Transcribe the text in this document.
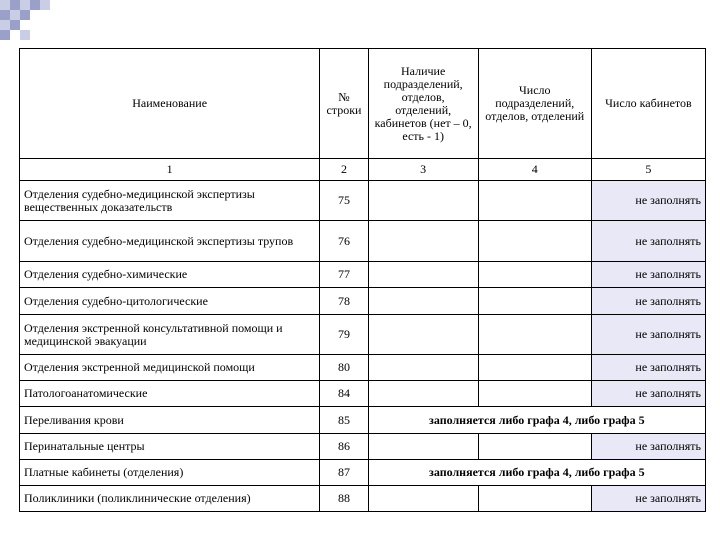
Наименование	№ строки	Наличие подразделений, отделов, отделений, кабинетов (нет – 0, есть - 1)	Число подразделений, отделов, отделений	Число кабинетов
1	2	3	4	5
Отделения судебно-медицинской экспертизы вещественных доказательств	75			не заполнять
Отделения судебно-медицинской экспертизы трупов	76			не заполнять
Отделения судебно-химические	77			не заполнять
Отделения судебно-цитологические	78			не заполнять
Отделения экстренной консультативной помощи и медицинской эвакуации	79			не заполнять
Отделения экстренной медицинской помощи	80			не заполнять
Патологоанатомические	84			не заполнять
Переливания крови	85	заполняется либо графа 4, либо графа 5		
Перинатальные центры	86			не заполнять
Платные кабинеты (отделения)	87	заполняется либо графа 4, либо графа 5		
Поликлиники (поликлинические отделения)	88			не заполнять
